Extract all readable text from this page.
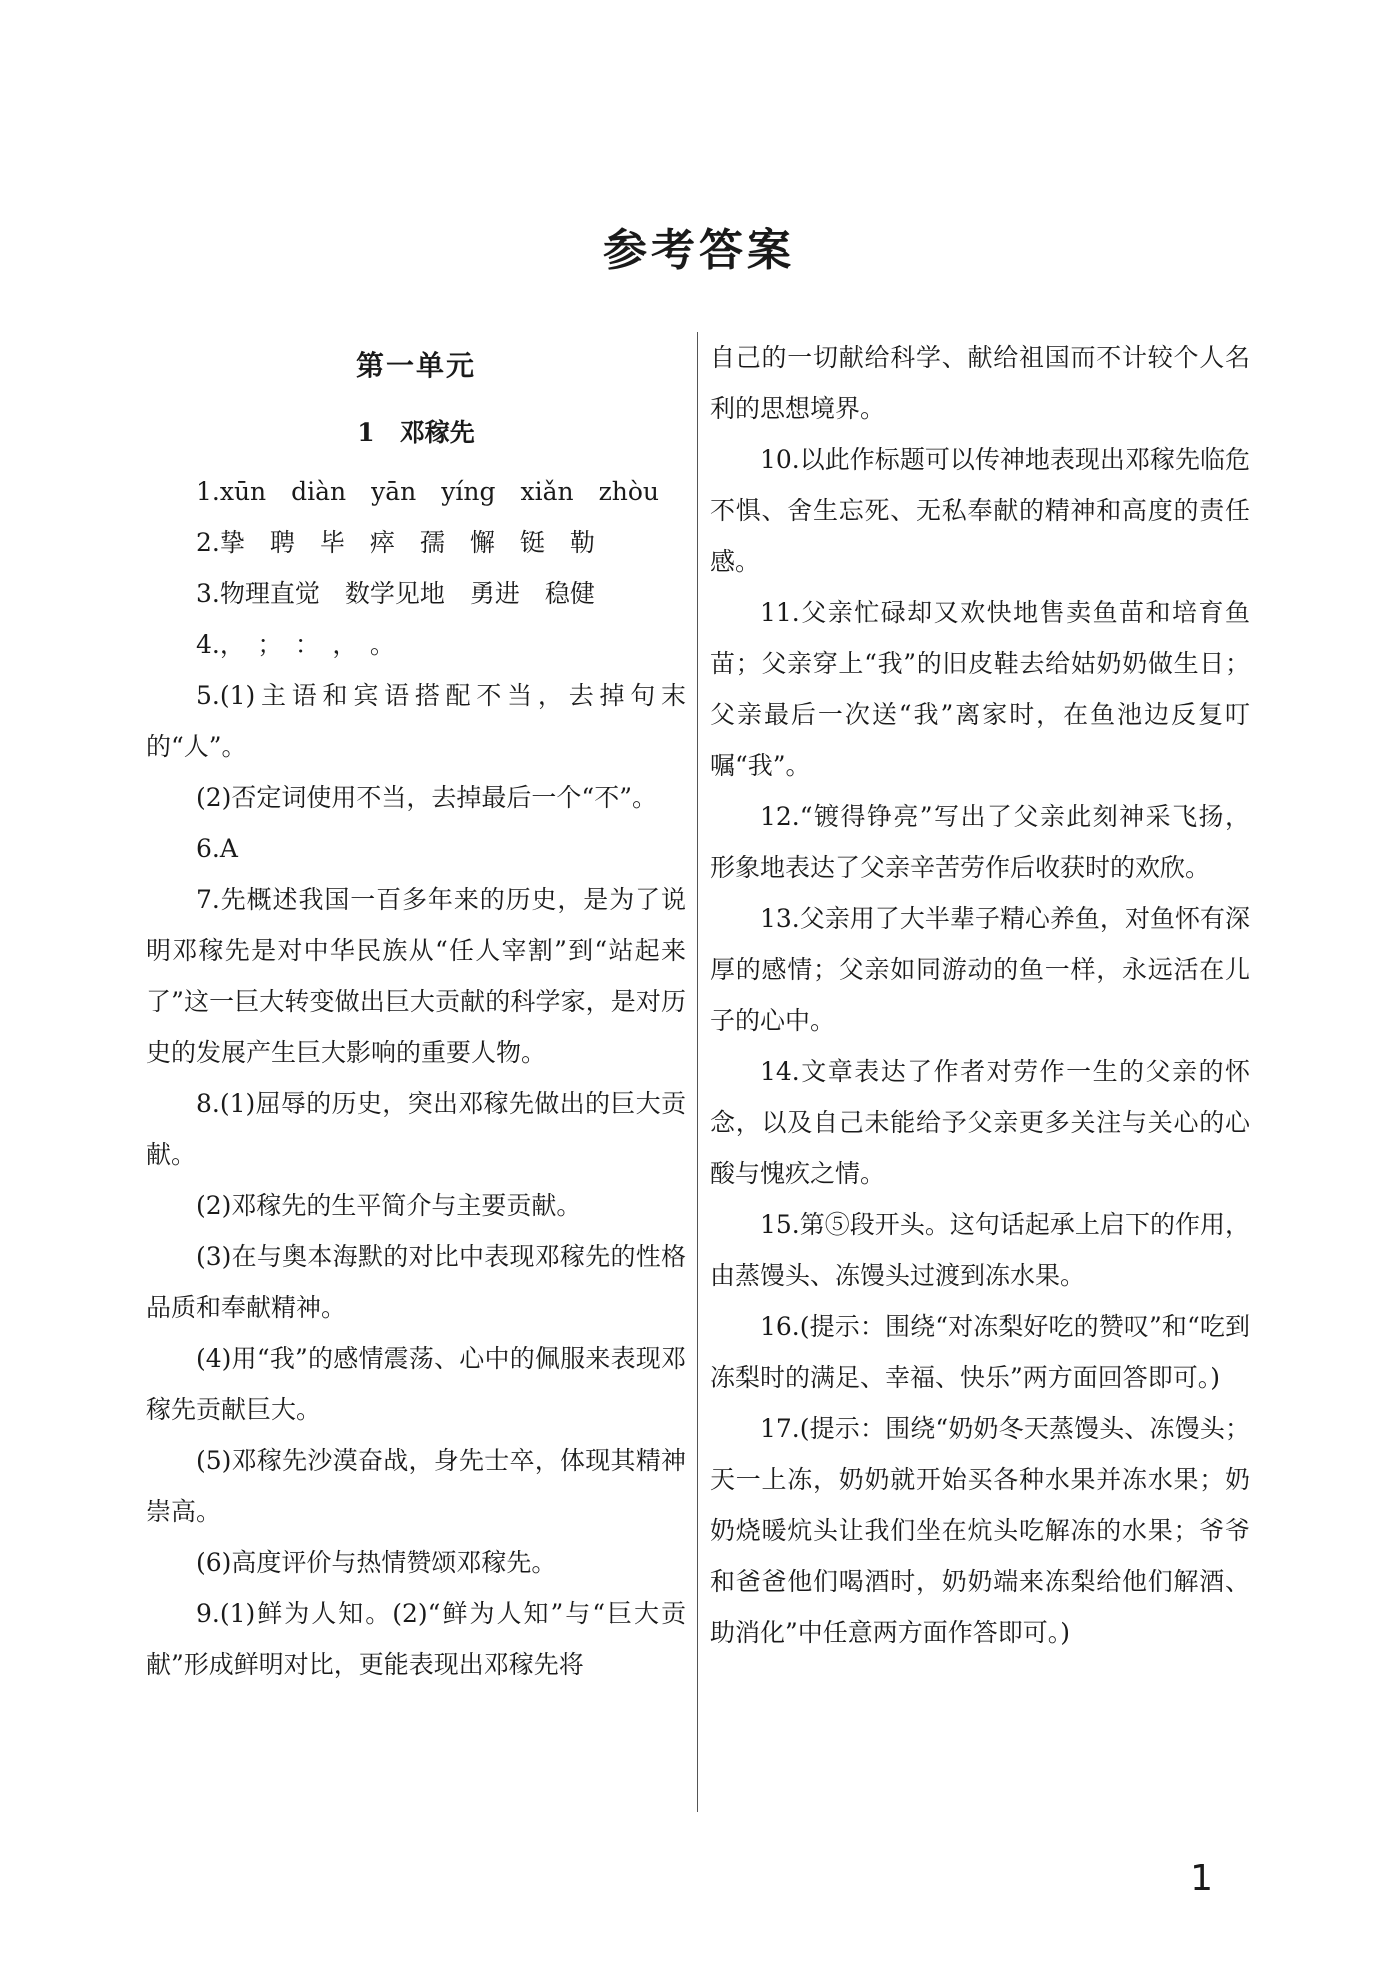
参考答案

第一单元

1　邓稼先

1.xūn　diàn　yān　yíng　xiǎn　zhòu

2.挚　聘　毕　瘁　孺　懈　铤　勒

3.物理直觉　数学见地　勇进　稳健

4.，　；　：　，　。

5.(1)主语和宾语搭配不当，去掉句末的“人”。

(2)否定词使用不当，去掉最后一个“不”。

6.A

7.先概述我国一百多年来的历史，是为了说明邓稼先是对中华民族从“任人宰割”到“站起来了”这一巨大转变做出巨大贡献的科学家，是对历史的发展产生巨大影响的重要人物。

8.(1)屈辱的历史，突出邓稼先做出的巨大贡献。

(2)邓稼先的生平简介与主要贡献。

(3)在与奥本海默的对比中表现邓稼先的性格品质和奉献精神。

(4)用“我”的感情震荡、心中的佩服来表现邓稼先贡献巨大。

(5)邓稼先沙漠奋战，身先士卒，体现其精神崇高。

(6)高度评价与热情赞颂邓稼先。

9.(1)鲜为人知。(2)“鲜为人知”与“巨大贡献”形成鲜明对比，更能表现出邓稼先将

自己的一切献给科学、献给祖国而不计较个人名利的思想境界。

10.以此作标题可以传神地表现出邓稼先临危不惧、舍生忘死、无私奉献的精神和高度的责任感。

11.父亲忙碌却又欢快地售卖鱼苗和培育鱼苗；父亲穿上“我”的旧皮鞋去给姑奶奶做生日；父亲最后一次送“我”离家时，在鱼池边反复叮嘱“我”。

12.“镀得铮亮”写出了父亲此刻神采飞扬，形象地表达了父亲辛苦劳作后收获时的欢欣。

13.父亲用了大半辈子精心养鱼，对鱼怀有深厚的感情；父亲如同游动的鱼一样，永远活在儿子的心中。

14.文章表达了作者对劳作一生的父亲的怀念，以及自己未能给予父亲更多关注与关心的心酸与愧疚之情。

15.第⑤段开头。这句话起承上启下的作用，由蒸馒头、冻馒头过渡到冻水果。

16.(提示：围绕“对冻梨好吃的赞叹”和“吃到冻梨时的满足、幸福、快乐”两方面回答即可。)

17.(提示：围绕“奶奶冬天蒸馒头、冻馒头；天一上冻，奶奶就开始买各种水果并冻水果；奶奶烧暖炕头让我们坐在炕头吃解冻的水果；爷爷和爸爸他们喝酒时，奶奶端来冻梨给他们解酒、助消化”中任意两方面作答即可。)

1
